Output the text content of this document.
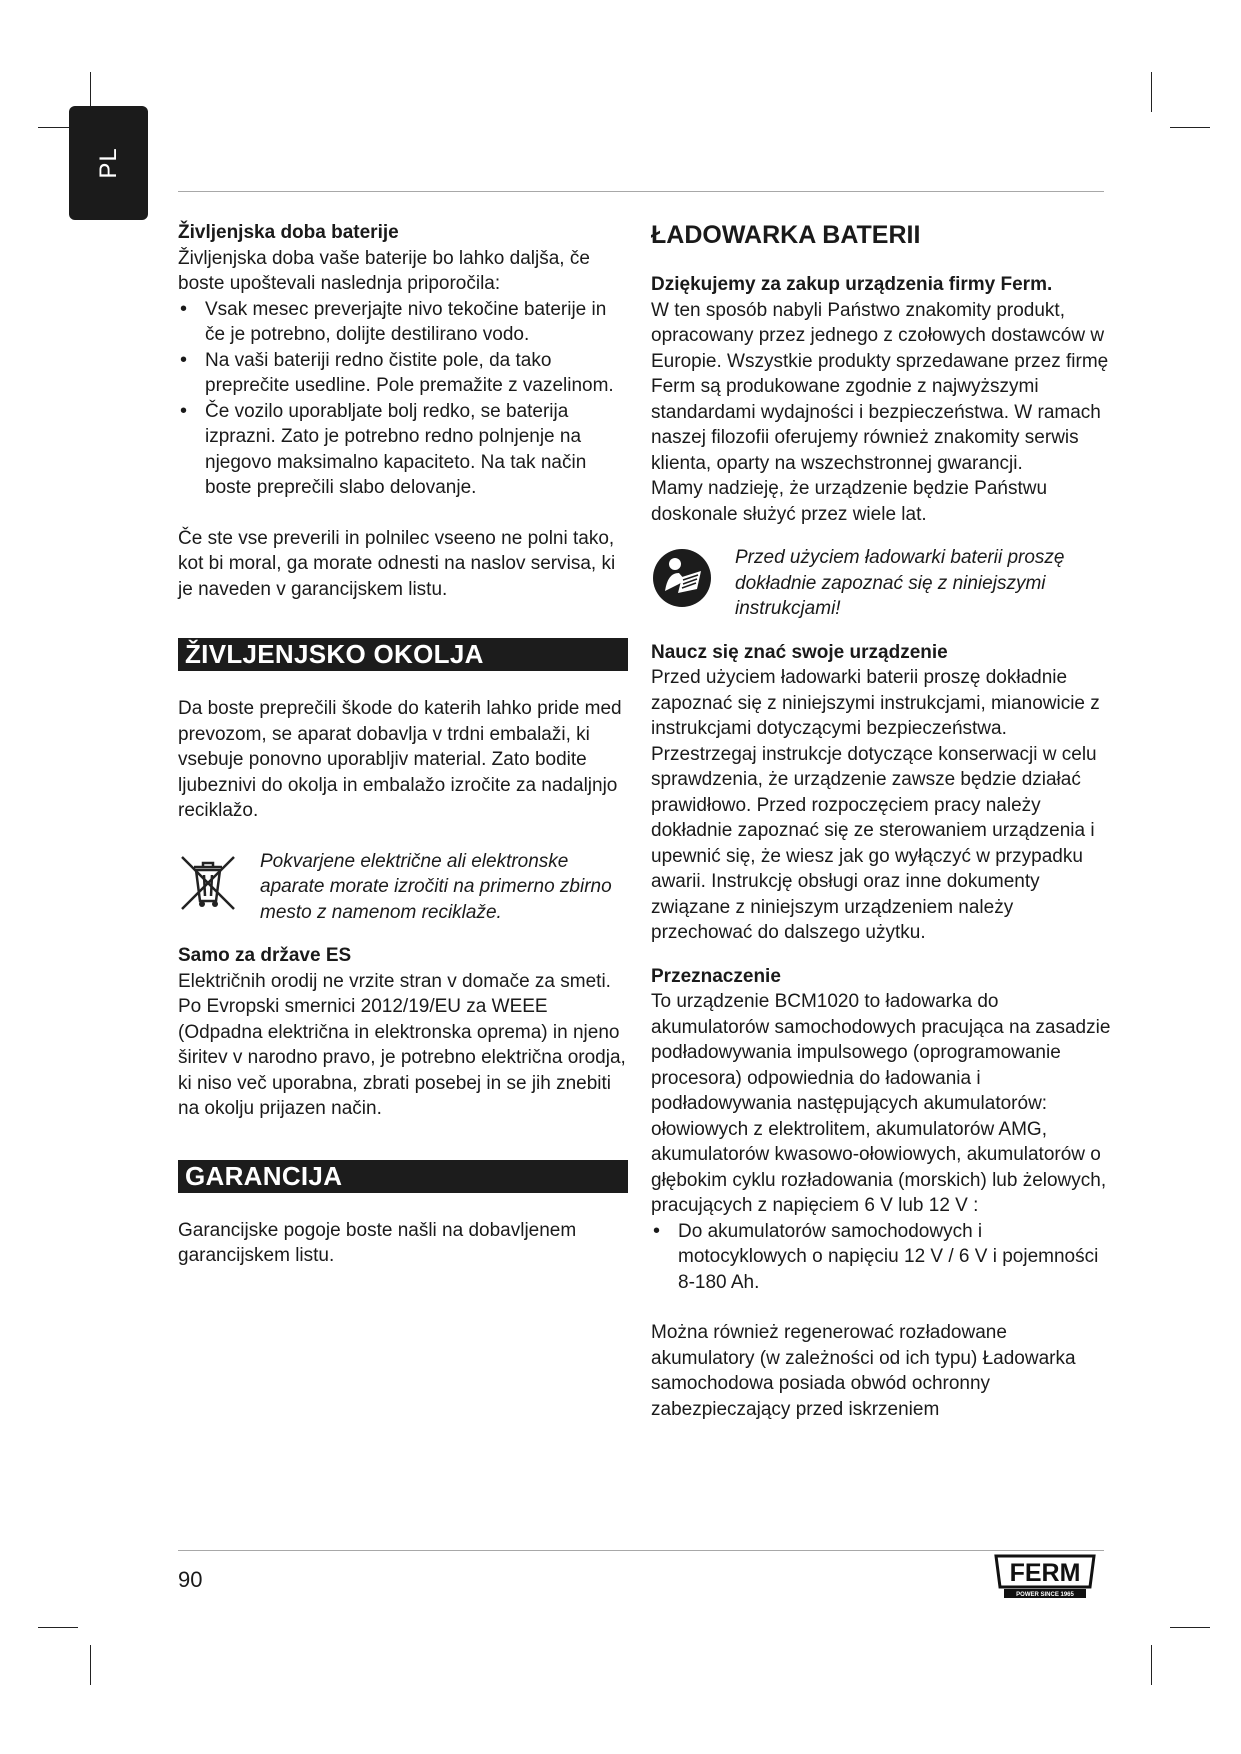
PL
Življenjska doba baterije

Življenjska doba vaše baterije bo lahko daljša, če boste upoštevali naslednja priporočila:

• Vsak mesec preverjajte nivo tekočine baterije in če je potrebno, dolijte destilirano vodo.
• Na vaši bateriji redno čistite pole, da tako preprečite usedline. Pole premažite z vazelinom.
• Če vozilo uporabljate bolj redko, se baterija izprazni. Zato je potrebno redno polnjenje na njegovo maksimalno kapaciteto. Na tak način boste preprečili slabo delovanje.

Če ste vse preverili in polnilec vseeno ne polni tako, kot bi moral, ga morate odnesti na naslov servisa, ki je naveden v garancijskem listu.

ŽIVLJENJSKO OKOLJA

Da boste preprečili škode do katerih lahko pride med prevozom, se aparat dobavlja v trdni embalaži, ki vsebuje ponovno uporabljiv material. Zato bodite ljubeznivi do okolja in embalažo izročite za nadaljnjo reciklažo.

Pokvarjene električne ali elektronske aparate morate izročiti na primerno zbirno mesto z namenom reciklaže.

Samo za države ES

Električnih orodij ne vrzite stran v domače za smeti. Po Evropski smernici 2012/19/EU za WEEE (Odpadna električna in elektronska oprema) in njeno širitev v narodno pravo, je potrebno električna orodja, ki niso več uporabna, zbrati posebej in se jih znebiti na okolju prijazen način.

GARANCIJA

Garancijske pogoje boste našli na dobavljenem garancijskem listu.

ŁADOWARKA BATERII
Dziękujemy za zakup urządzenia firmy Ferm.

W ten sposób nabyli Państwo znakomity produkt, opracowany przez jednego z czołowych dostawców w Europie. Wszystkie produkty sprzedawane przez firmę Ferm są produkowane zgodnie z najwyższymi standardami wydajności i bezpieczeństwa. W ramach naszej filozofii oferujemy również znakomity serwis klienta, oparty na wszechstronnej gwarancji.

Mamy nadzieję, że urządzenie będzie Państwu doskonale służyć przez wiele lat.

Przed użyciem ładowarki baterii proszę dokładnie zapoznać się z niniejszymi instrukcjami!

Naucz się znać swoje urządzenie

Przed użyciem ładowarki baterii proszę dokładnie zapoznać się z niniejszymi instrukcjami, mianowicie z instrukcjami dotyczącymi bezpieczeństwa. Przestrzegaj instrukcje dotyczące konserwacji w celu sprawdzenia, że urządzenie zawsze będzie działać prawidłowo. Przed rozpoczęciem pracy należy dokładnie zapoznać się ze sterowaniem urządzenia i upewnić się, że wiesz jak go wyłączyć w przypadku awarii. Instrukcję obsługi oraz inne dokumenty związane z niniejszym urządzeniem należy przechować do dalszego użytku.

Przeznaczenie

To urządzenie BCM1020 to ładowarka do akumulatorów samochodowych pracująca na zasadzie podładowywania impulsowego (oprogramowanie procesora) odpowiednia do ładowania i podładowywania następujących akumulatorów: ołowiowych z elektrolitem, akumulatorów AMG, akumulatorów kwasowo-ołowiowych, akumulatorów o głębokim cyklu rozładowania (morskich) lub żelowych, pracujących z napięciem 6 V lub 12 V :

• Do akumulatorów samochodowych i motocyklowych o napięciu 12 V / 6 V i pojemności 8-180 Ah.

Można również regenerować rozładowane akumulatory (w zależności od ich typu) Ładowarka samochodowa posiada obwód ochronny zabezpieczający przed iskrzeniem

90	FERM
POWER SINCE 1965
